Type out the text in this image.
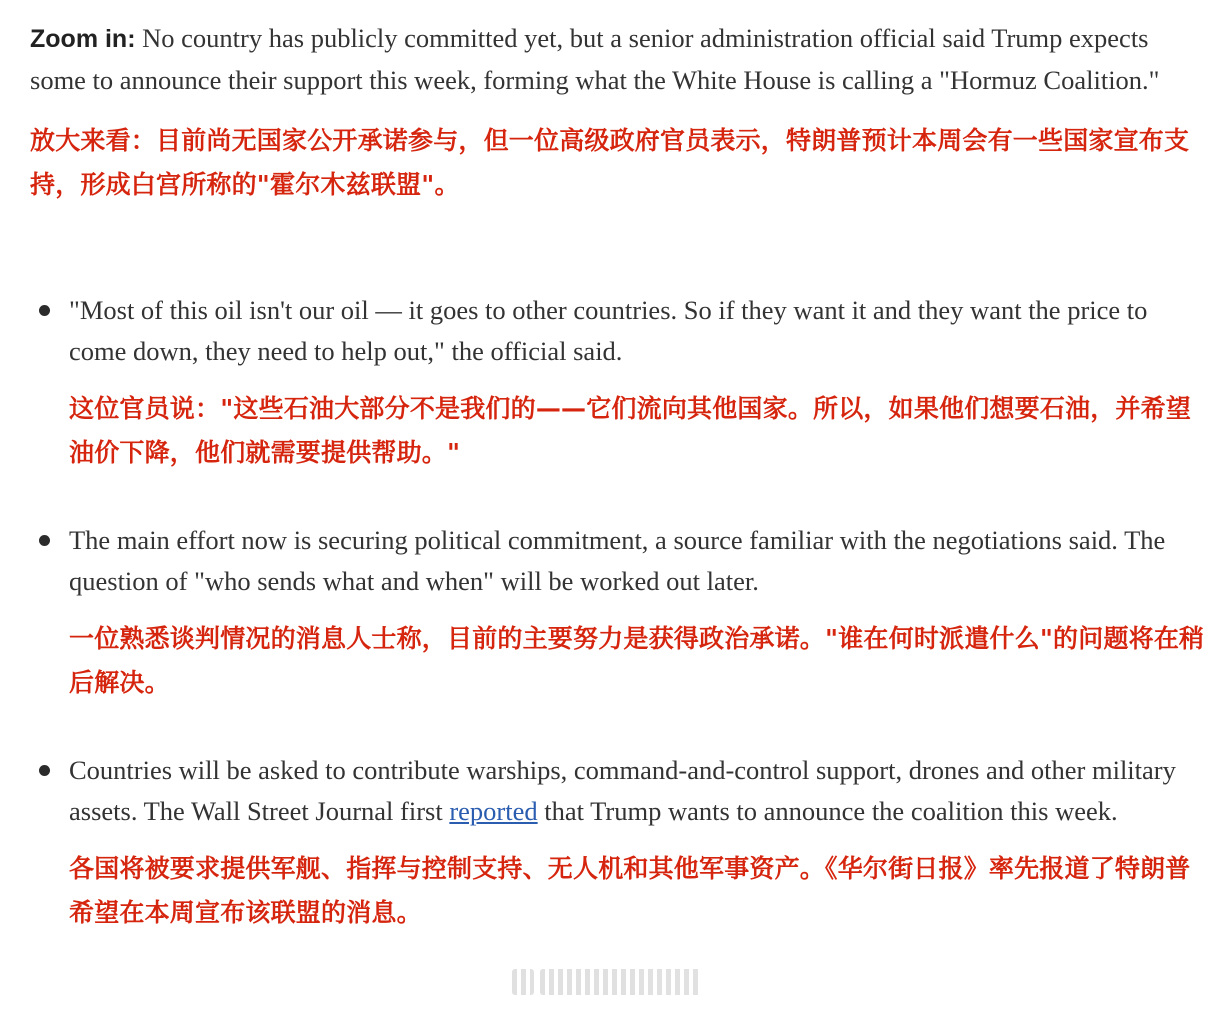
Zoom in: No country has publicly committed yet, but a senior administration official said Trump expects some to announce their support this week, forming what the White House is calling a "Hormuz Coalition."

放大来看：目前尚无国家公开承诺参与，但一位高级政府官员表示，特朗普预计本周会有一些国家宣布支持，形成白宫所称的"霍尔木兹联盟"。

"Most of this oil isn't our oil — it goes to other countries. So if they want it and they want the price to come down, they need to help out," the official said.

这位官员说："这些石油大部分不是我们的——它们流向其他国家。所以，如果他们想要石油，并希望油价下降，他们就需要提供帮助。"

The main effort now is securing political commitment, a source familiar with the negotiations said. The question of "who sends what and when" will be worked out later.

一位熟悉谈判情况的消息人士称，目前的主要努力是获得政治承诺。"谁在何时派遣什么"的问题将在稍后解决。

Countries will be asked to contribute warships, command-and-control support, drones and other military assets. The Wall Street Journal first reported that Trump wants to announce the coalition this week.

各国将被要求提供军舰、指挥与控制支持、无人机和其他军事资产。《华尔街日报》率先报道了特朗普希望在本周宣布该联盟的消息。
